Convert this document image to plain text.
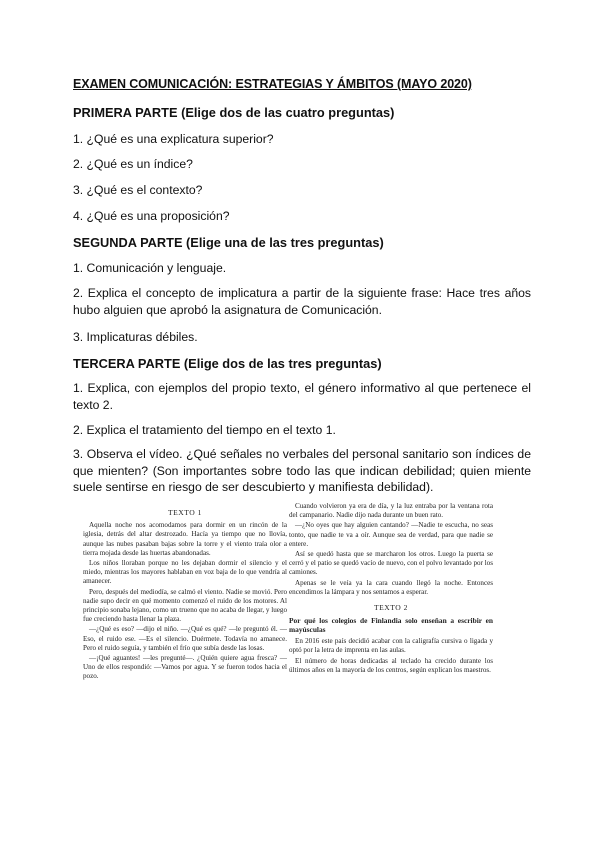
EXAMEN COMUNICACIÓN: ESTRATEGIAS Y ÁMBITOS (MAYO 2020)
PRIMERA PARTE (Elige dos de las cuatro preguntas)
1. ¿Qué es una explicatura superior?
2. ¿Qué es un índice?
3. ¿Qué es el contexto?
4. ¿Qué es una proposición?
SEGUNDA PARTE (Elige una de las tres preguntas)
1. Comunicación y lenguaje.
2. Explica el concepto de implicatura a partir de la siguiente frase: Hace tres años hubo alguien que aprobó la asignatura de Comunicación.
3. Implicaturas débiles.
TERCERA PARTE (Elige dos de las tres preguntas)
1. Explica, con ejemplos del propio texto, el género informativo al que pertenece el texto 2.
2. Explica el tratamiento del tiempo en el texto 1.
3. Observa el vídeo. ¿Qué señales no verbales del personal sanitario son índices de que mienten? (Son importantes sobre todo las que indican debilidad; quien miente suele sentirse en riesgo de ser descubierto y manifiesta debilidad).

TEXTO 1

Aquella noche nos acomodamos para dormir en un rincón de la iglesia, detrás del altar destrozado. Hacía ya tiempo que no llovía, aunque las nubes pasaban bajas sobre la torre y el viento traía olor a tierra mojada desde las huertas abandonadas.

Los niños lloraban porque no les dejaban dormir el silencio y el miedo, mientras los mayores hablaban en voz baja de lo que vendría al amanecer.

Pero, después del mediodía, se calmó el viento. Nadie se movió. Pero nadie supo decir en qué momento comenzó el ruido de los motores. Al principio sonaba lejano, como un trueno que no acaba de llegar, y luego fue creciendo hasta llenar la plaza.

—¿Qué es eso? —dijo el niño. —¿Qué es qué? —le preguntó él. —Eso, el ruido ese. —Es el silencio. Duérmete. Todavía no amanece. Pero el ruido seguía, y también el frío que subía desde las losas.

—¡Qué aguantes! —les pregunté—. ¿Quién quiere agua fresca? —Uno de ellos respondió: —Vamos por agua. Y se fueron todos hacia el pozo.

Cuando volvieron ya era de día, y la luz entraba por la ventana rota del campanario. Nadie dijo nada durante un buen rato.

—¿No oyes que hay alguien cantando? —Nadie te escucha, no seas tonto, que nadie te va a oír. Aunque sea de verdad, para que nadie se entere.

Así se quedó hasta que se marcharon los otros. Luego la puerta se cerró y el patio se quedó vacío de nuevo, con el polvo levantado por los camiones.

Apenas se le veía ya la cara cuando llegó la noche. Entonces encendimos la lámpara y nos sentamos a esperar.

TEXTO 2

Por qué los colegios de Finlandia solo enseñan a escribir en mayúsculas

En 2016 este país decidió acabar con la caligrafía cursiva o ligada y optó por la letra de imprenta en las aulas.

El número de horas dedicadas al teclado ha crecido durante los últimos años en la mayoría de los centros, según explican los maestros.
